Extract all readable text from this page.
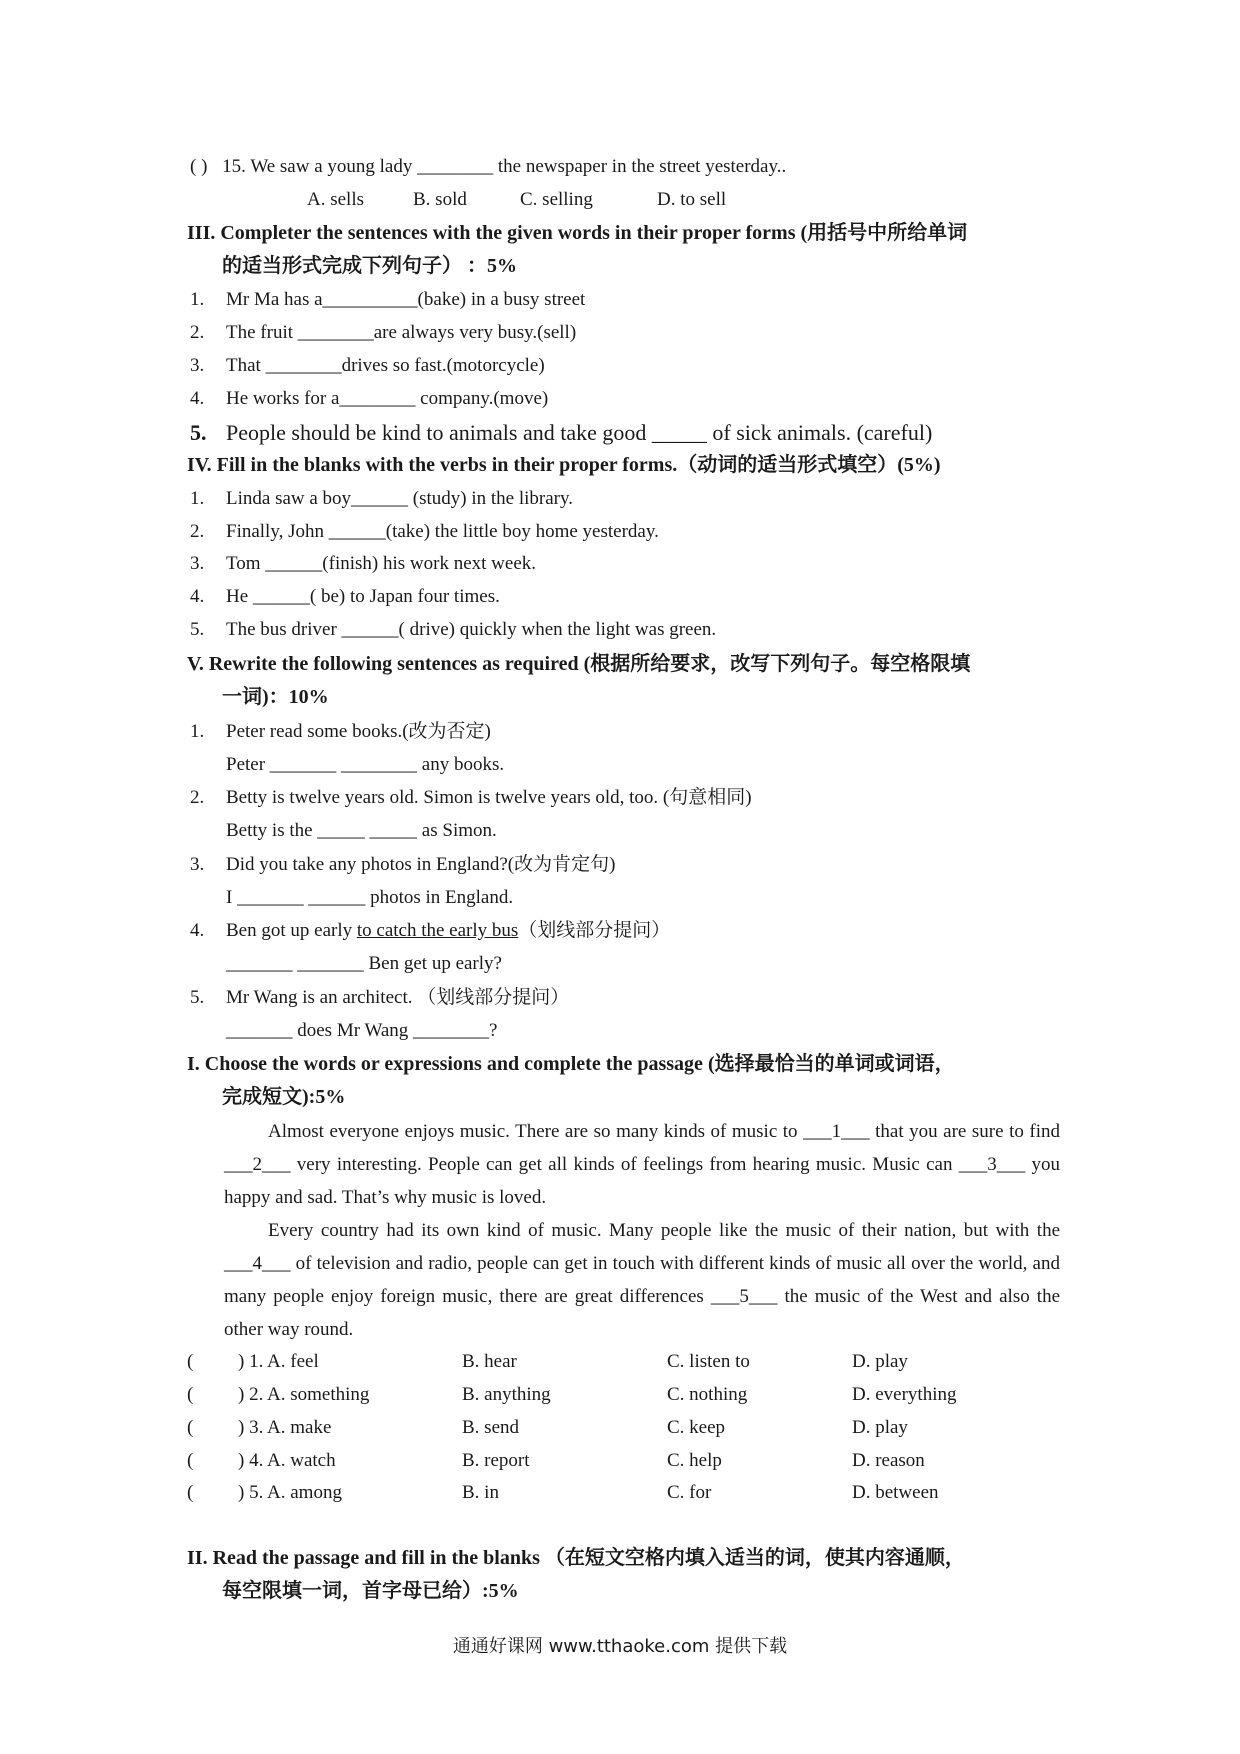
( ) 15. We saw a young lady ________ the newspaper in the street yesterday..
A. sells	B. sold	C. selling	D. to sell
III. Completer the sentences with the given words in their proper forms (用括号中所给单词
的适当形式完成下列句子） ：5%
1. Mr Ma has a__________(bake) in a busy street
2. The fruit ________are always very busy.(sell)
3. That ________drives so fast.(motorcycle)
4. He works for a________ company.(move)
5. People should be kind to animals and take good _____ of sick animals. (careful)
IV. Fill in the blanks with the verbs in their proper forms.（动词的适当形式填空）(5%)
1. Linda saw a boy______ (study) in the library.
2. Finally, John ______(take) the little boy home yesterday.
3. Tom ______(finish) his work next week.
4. He ______( be) to Japan four times.
5. The bus driver ______( drive) quickly when the light was green.
V. Rewrite the following sentences as required (根据所给要求，改写下列句子。每空格限填
一词)：10%
1. Peter read some books.(改为否定)
Peter _______ ________ any books.
2. Betty is twelve years old. Simon is twelve years old, too. (句意相同)
Betty is the _____ _____ as Simon.
3. Did you take any photos in England?(改为肯定句)
I _______ ______ photos in England.
4. Ben got up early to catch the early bus（划线部分提问）
_______ _______ Ben get up early?
5. Mr Wang is an architect. （划线部分提问）
_______ does Mr Wang ________?
I. Choose the words or expressions and complete the passage (选择最恰当的单词或词语，
完成短文):5%
Almost everyone enjoys music. There are so many kinds of music to ___1___ that you are sure to find ___2___ very interesting. People can get all kinds of feelings from hearing music. Music can ___3___ you happy and sad. That’s why music is loved.
Every country had its own kind of music. Many people like the music of their nation, but with the ___4___ of television and radio, people can get in touch with different kinds of music all over the world, and many people enjoy foreign music, there are great differences ___5___ the music of the West and also the other way round.
( ) 1. A. feel	B. hear	C. listen to	D. play
( ) 2. A. something	B. anything	C. nothing	D. everything
( ) 3. A. make	B. send	C. keep	D. play
( ) 4. A. watch	B. report	C. help	D. reason
( ) 5. A. among	B. in	C. for	D. between
II. Read the passage and fill in the blanks （在短文空格内填入适当的词，使其内容通顺，
每空限填一词，首字母已给）:5%
通通好课网 www.tthaoke.com 提供下载
